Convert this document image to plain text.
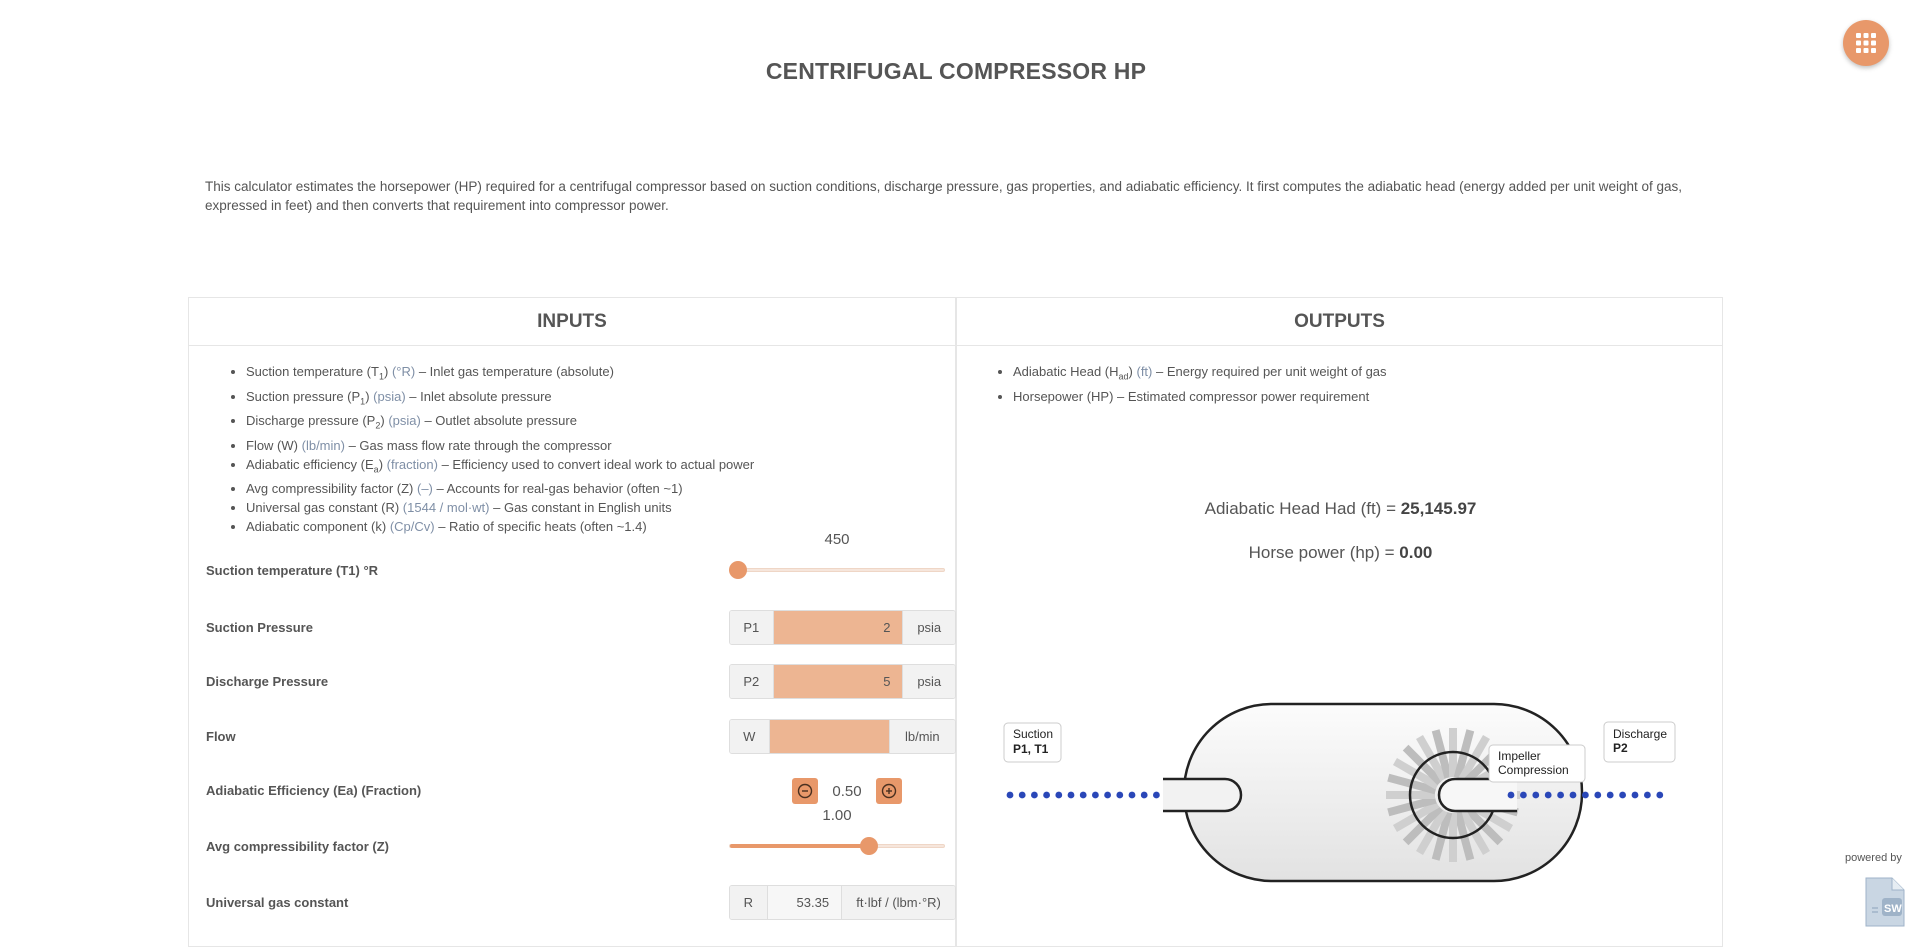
CENTRIFUGAL COMPRESSOR HP

This calculator estimates the horsepower (HP) required for a centrifugal compressor based on suction conditions, discharge pressure, gas properties, and adiabatic efficiency. It first computes the adiabatic head (energy added per unit weight of gas, expressed in feet) and then converts that requirement into compressor power.

INPUTS
• Suction temperature $(T_1)$ (°R) – Inlet gas temperature (absolute)
• Suction pressure $(P_1)$ (psia) – Inlet absolute pressure
• Discharge pressure $(P_2)$ (psia) – Outlet absolute pressure
• Flow (W) (lb/min) – Gas mass flow rate through the compressor
• Adiabatic efficiency $(E_a)$ (fraction) – Efficiency used to convert ideal work to actual power
• Avg compressibility factor (Z) (–) – Accounts for real-gas behavior (often ~1)
• Universal gas constant (R) (1544 / mol·wt) – Gas constant in English units
• Adiabatic component (k) (Cp/Cv) – Ratio of specific heats (often ~1.4)
Suction temperature (T1) °R
450
Suction Pressure	P1	2	psia
Discharge Pressure	P2	5	psia
Flow	W	lb/min
Adiabatic Efficiency (Ea) (Fraction)	0.50
Avg compressibility factor (Z)
1.00
Universal gas constant	R	53.35	ft·lbf / (lbm·°R)
OUTPUTS
• Adiabatic Head $(H_{ad})$ (ft) – Energy required per unit weight of gas
• Horsepower (HP) – Estimated compressor power requirement
Adiabatic Head Had (ft) = 25,145.97
Horse power (hp) = 0.00
Suction
P1, T1	Impeller
Compression
Discharge
P2
powered by
SW
